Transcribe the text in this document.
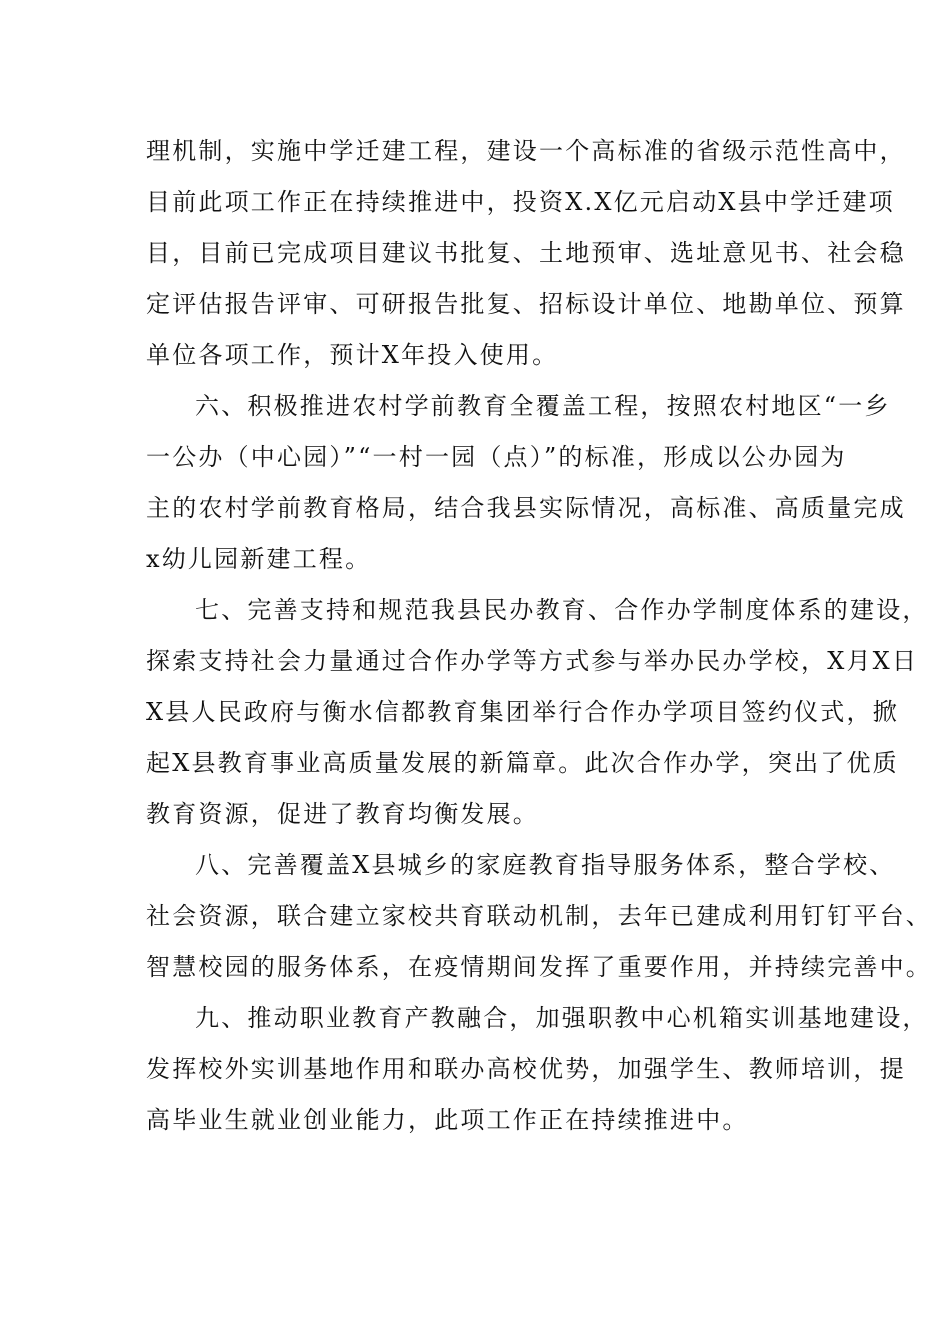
理机制，实施中学迁建工程，建设一个高标准的省级示范性高中，
目前此项工作正在持续推进中，投资X.X亿元启动X县中学迁建项
目，目前已完成项目建议书批复、土地预审、选址意见书、社会稳
定评估报告评审、可研报告批复、招标设计单位、地勘单位、预算
单位各项工作，预计X年投入使用。
六、积极推进农村学前教育全覆盖工程，按照农村地区“一乡
一公办（中心园）”“一村一园（点）”的标准，形成以公办园为
主的农村学前教育格局，结合我县实际情况，高标准、高质量完成
x幼儿园新建工程。
七、完善支持和规范我县民办教育、合作办学制度体系的建设，
探索支持社会力量通过合作办学等方式参与举办民办学校，X月X日
X县人民政府与衡水信都教育集团举行合作办学项目签约仪式，掀
起X县教育事业高质量发展的新篇章。此次合作办学，突出了优质
教育资源，促进了教育均衡发展。
八、完善覆盖X县城乡的家庭教育指导服务体系，整合学校、
社会资源，联合建立家校共育联动机制，去年已建成利用钉钉平台、
智慧校园的服务体系，在疫情期间发挥了重要作用，并持续完善中。
九、推动职业教育产教融合，加强职教中心机箱实训基地建设，
发挥校外实训基地作用和联办高校优势，加强学生、教师培训，提
高毕业生就业创业能力，此项工作正在持续推进中。
